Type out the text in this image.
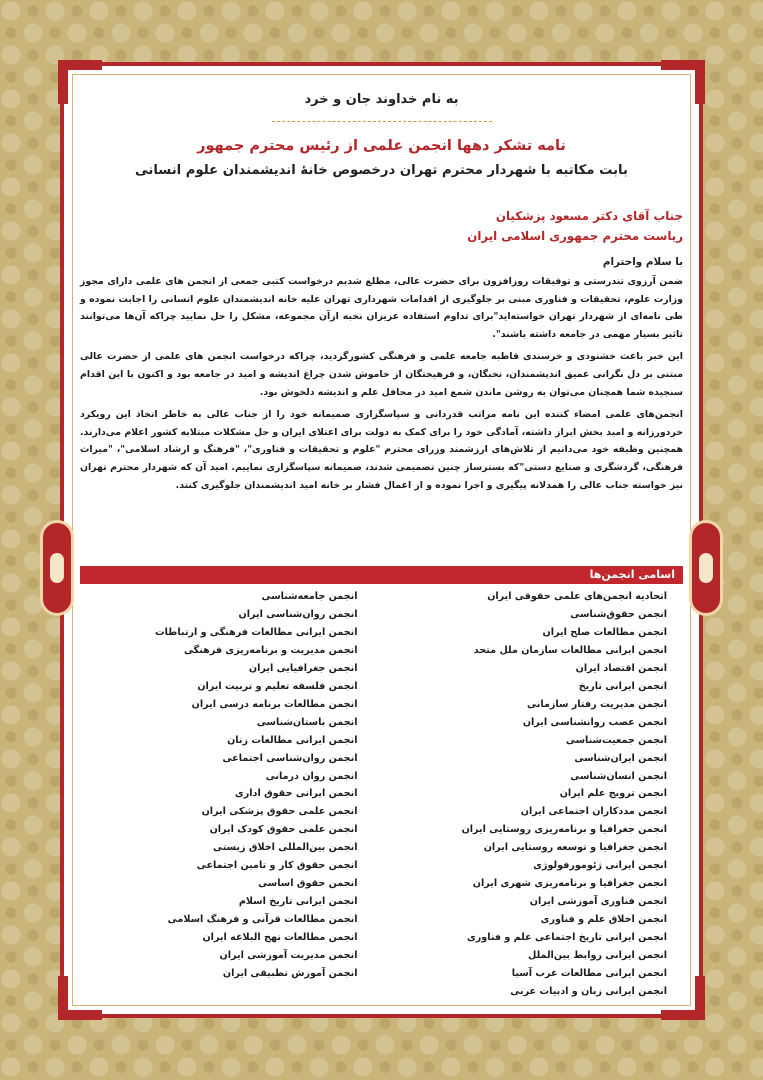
به نام خداوند جان و خرد
نامه تشکر دهها انجمن علمی از رئیس محترم جمهور
بابت مکاتبه با شهردار محترم تهران درخصوص خانهٔ اندیشمندان علوم انسانی
جناب آقای دکتر مسعود پزشکیان
ریاست محترم جمهوری اسلامی ایران
با سلام واحترام

ضمن آرزوی تندرستی و توفیقات روزافزون برای حضرت عالی، مطلع شدیم درخواست کتبی جمعی از انجمن های علمی دارای مجوز وزارت علوم، تحقیقات و فناوری مبنی بر جلوگیری از اقدامات شهرداری تهران علیه خانه اندیشمندان علوم انسانی را اجابت نموده و طی نامه‌ای از شهردار تهران خواسته‌اید"برای تداوم استفاده عزیزان نخبه ازآن مجموعه، مشکل را حل نمایید چراکه آن‌ها می‌توانند تاثیر بسیار مهمی در جامعه داشته باشند".

این خبر باعث خشنودی و خرسندی قاطبه جامعه علمی و فرهنگی کشورگردید، چراکه درخواست انجمن های علمی از حضرت عالی مبتنی بر دل نگرانی عمیق اندیشمندان، نخبگان، و فرهیختگان از خاموش شدن چراغ اندیشه و امید در جامعه بود و اکنون با این اقدام سنجیده شما همچنان می‌توان به روشن ماندن شمع امید در محافل علم و اندیشه دلخوش بود.

انجمن‌های علمی امضاء کننده این نامه مراتب قدردانی و سپاسگزاری صمیمانه خود را از جناب عالی به خاطر اتخاذ این رویکرد خردورزانه و امید بخش ابراز داشته، آمادگی خود را برای کمک به دولت برای اعتلای ایران و حل مشکلات مبتلابه کشور اعلام می‌دارند. همچنین وظیفه خود می‌دانیم از تلاش‌های ارزشمند وزرای محترم "علوم و تحقیقات و فناوری"، "فرهنگ و ارشاد اسلامی"، "میراث فرهنگی، گردشگری و صنایع دستی"که بسترساز چنین تصمیمی شدند، صمیمانه سپاسگزاری نماییم. امید آن که شهردار محترم تهران نیز خواسته جناب عالی را همدلانه پیگیری و اجرا نموده و از اعمال فشار بر خانه امید اندیشمندان جلوگیری کنند.

اسامی انجمن‌ها
اتحادیه انجمن‌های علمی حقوقی ایران
انجمن حقوق‌شناسی
انجمن مطالعات صلح ایران
انجمن ایرانی مطالعات سازمان ملل متحد
انجمن اقتصاد ایران
انجمن ایرانی تاریخ
انجمن مدیریت رفتار سازمانی
انجمن عصب روانشناسی ایران
انجمن جمعیت‌شناسی
انجمن ایران‌شناسی
انجمن انسان‌شناسی
انجمن ترویج علم ایران
انجمن مددکاران اجتماعی ایران
انجمن جغرافیا و برنامه‌ریزی روستایی ایران
انجمن جغرافیا و توسعه روستایی ایران
انجمن ایرانی ژئومورفولوژی
انجمن جغرافیا و برنامه‌ریزی شهری ایران
انجمن فناوری آموزشی ایران
انجمن اخلاق علم و فناوری
انجمن ایرانی تاریخ اجتماعی علم و فناوری
انجمن ایرانی روابط بین‌الملل
انجمن ایرانی مطالعات غرب آسیا
انجمن ایرانی زبان و ادبیات عربی
انجمن جامعه‌شناسی
انجمن روان‌شناسی ایران
انجمن ایرانی مطالعات فرهنگی و ارتباطات
انجمن مدیریت و برنامه‌ریزی فرهنگی
انجمن جغرافیایی ایران
انجمن فلسفه تعلیم و تربیت ایران
انجمن مطالعات برنامه درسی ایران
انجمن باستان‌شناسی
انجمن ایرانی مطالعات زنان
انجمن روان‌شناسی اجتماعی
انجمن روان درمانی
انجمن ایرانی حقوق اداری
انجمن علمی حقوق پزشکی ایران
انجمن علمی حقوق کودک ایران
انجمن بین‌المللی اخلاق زیستی
انجمن حقوق کار و تامین اجتماعی
انجمن حقوق اساسی
انجمن ایرانی تاریخ اسلام
انجمن مطالعات قرآنی و فرهنگ اسلامی
انجمن مطالعات نهج البلاغه ایران
انجمن مدیریت آموزشی ایران
انجمن آموزش تطبیقی ایران
